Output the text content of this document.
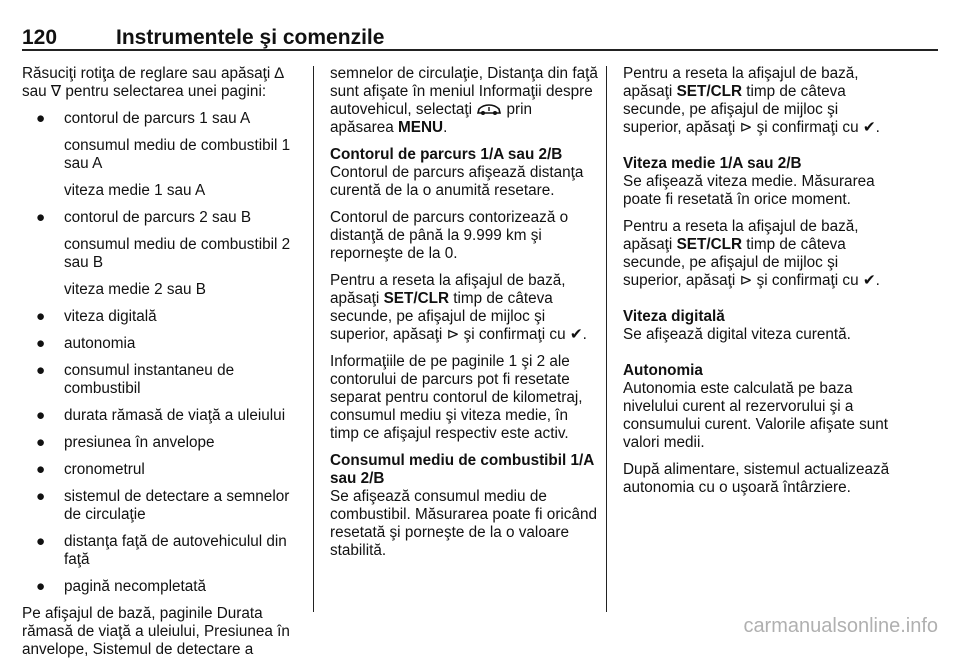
120	Instrumentele şi comenzile

Răsuciţi rotiţa de reglare sau apăsaţi ∆ sau ∇ pentru selectarea unei pagini:

● contorul de parcurs 1 sau A
consumul mediu de combustibil 1 sau A
viteza medie 1 sau A
● contorul de parcurs 2 sau B
consumul mediu de combustibil 2 sau B
viteza medie 2 sau B
● viteza digitală
● autonomia
● consumul instantaneu de combustibil
● durata rămasă de viaţă a uleiului
● presiunea în anvelope
● cronometrul
● sistemul de detectare a semnelor de circulaţie
● distanţa faţă de autovehiculul din faţă
● pagină necompletată

Pe afişajul de bază, paginile Durata rămasă de viaţă a uleiului, Presiunea în anvelope, Sistemul de detectare a

semnelor de circulaţie, Distanţa din faţă sunt afişate în meniul Informaţii despre autovehicul, selectaţi prin apăsarea MENU.

Contorul de parcurs 1/A sau 2/B

Contorul de parcurs afişează distanţa curentă de la o anumită resetare.

Contorul de parcurs contorizează o distanţă de până la 9.999 km şi reporneşte de la 0.

Pentru a reseta la afişajul de bază, apăsaţi SET/CLR timp de câteva secunde, pe afişajul de mijloc şi superior, apăsaţi ⊳ şi confirmaţi cu ✔.

Informaţiile de pe paginile 1 şi 2 ale contorului de parcurs pot fi resetate separat pentru contorul de kilometraj, consumul mediu şi viteza medie, în timp ce afişajul respectiv este activ.

Consumul mediu de combustibil 1/A sau 2/B

Se afişează consumul mediu de combustibil. Măsurarea poate fi oricând resetată şi porneşte de la o valoare stabilită.

Pentru a reseta la afişajul de bază, apăsaţi SET/CLR timp de câteva secunde, pe afişajul de mijloc şi superior, apăsaţi ⊳ şi confirmaţi cu ✔.

Viteza medie 1/A sau 2/B

Se afişează viteza medie. Măsurarea poate fi resetată în orice moment.

Pentru a reseta la afişajul de bază, apăsaţi SET/CLR timp de câteva secunde, pe afişajul de mijloc şi superior, apăsaţi ⊳ şi confirmaţi cu ✔.

Viteza digitală

Se afişează digital viteza curentă.

Autonomia

Autonomia este calculată pe baza nivelului curent al rezervorului şi a consumului curent. Valorile afişate sunt valori medii.

După alimentare, sistemul actualizează autonomia cu o uşoară întârziere.

carmanualsonline.info
